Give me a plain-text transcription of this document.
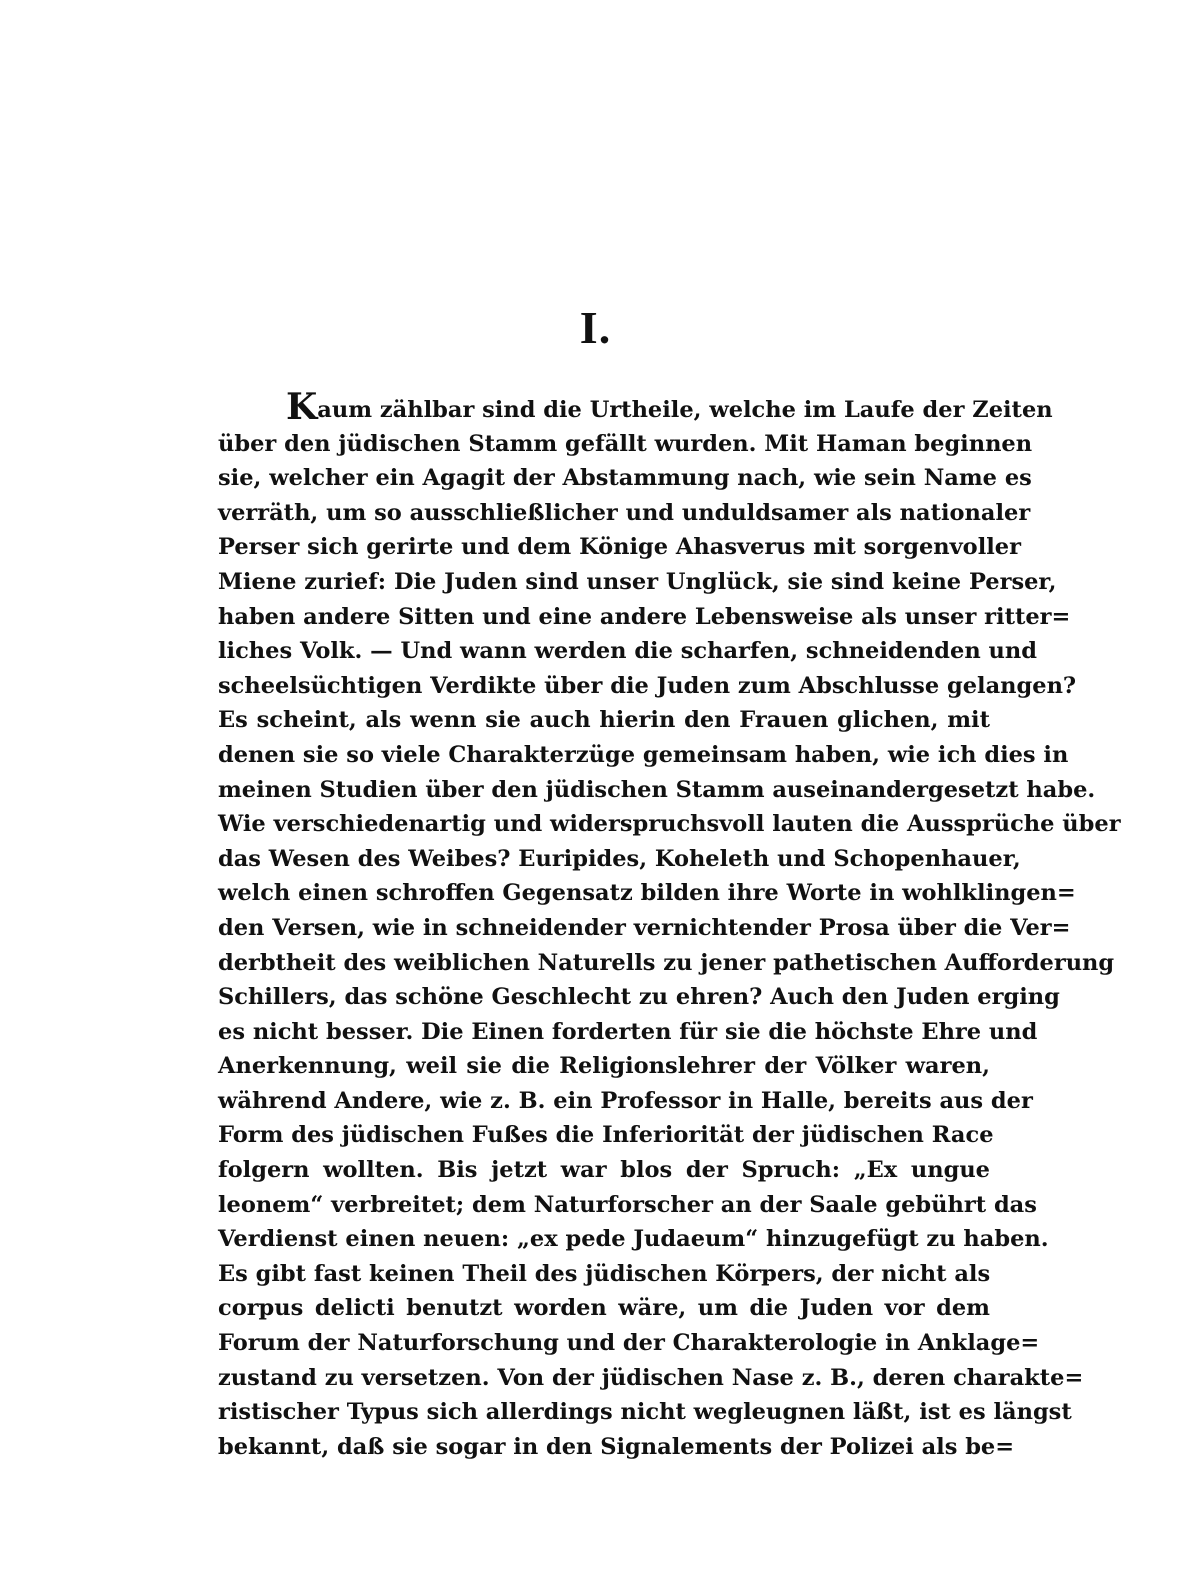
I.
Kaum zählbar sind die Urtheile, welche im Laufe der Zeiten
über den jüdischen Stamm gefällt wurden. Mit Haman beginnen
sie, welcher ein Agagit der Abstammung nach, wie sein Name es
verräth, um so ausschließlicher und unduldsamer als nationaler
Perser sich gerirte und dem Könige Ahasverus mit sorgenvoller
Miene zurief: Die Juden sind unser Unglück, sie sind keine Perser,
haben andere Sitten und eine andere Lebensweise als unser ritter=
liches Volk. — Und wann werden die scharfen, schneidenden und
scheelsüchtigen Verdikte über die Juden zum Abschlusse gelangen?
Es scheint, als wenn sie auch hierin den Frauen glichen, mit
denen sie so viele Charakterzüge gemeinsam haben, wie ich dies in
meinen Studien über den jüdischen Stamm auseinandergesetzt habe.
Wie verschiedenartig und widerspruchsvoll lauten die Aussprüche über
das Wesen des Weibes? Euripides, Koheleth und Schopenhauer,
welch einen schroffen Gegensatz bilden ihre Worte in wohlklingen=
den Versen, wie in schneidender vernichtender Prosa über die Ver=
derbtheit des weiblichen Naturells zu jener pathetischen Aufforderung
Schillers, das schöne Geschlecht zu ehren? Auch den Juden erging
es nicht besser. Die Einen forderten für sie die höchste Ehre und
Anerkennung, weil sie die Religionslehrer der Völker waren,
während Andere, wie z. B. ein Professor in Halle, bereits aus der
Form des jüdischen Fußes die Inferiorität der jüdischen Race
folgern wollten. Bis jetzt war blos der Spruch: „Ex ungue
leonem“ verbreitet; dem Naturforscher an der Saale gebührt das
Verdienst einen neuen: „ex pede Judaeum“ hinzugefügt zu haben.
Es gibt fast keinen Theil des jüdischen Körpers, der nicht als
corpus delicti benutzt worden wäre, um die Juden vor dem
Forum der Naturforschung und der Charakterologie in Anklage=
zustand zu versetzen. Von der jüdischen Nase z. B., deren charakte=
ristischer Typus sich allerdings nicht wegleugnen läßt, ist es längst
bekannt, daß sie sogar in den Signalements der Polizei als be=
